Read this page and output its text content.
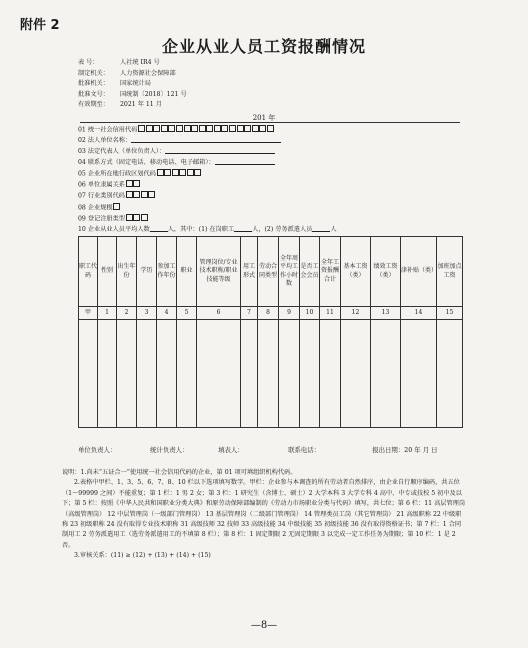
附件 2
企业从业人员工资报酬情况
表 号：	人社统 IR4 号
制定机关： 人力资源社会保障部
批准机关： 国家统计局
批准文号： 国统制〔2018〕121 号
有效期至： 2021 年 11 月
201 年
01 统一社会信用代码
02 法人单位名称：
03 法定代表人（单位负责人）：
04 联系方式（固定电话、移动电话、电子邮箱）：
05 企业所在地行政区划代码
06 单位隶属关系
07 行业类别代码
08 企业规模
09 登记注册类型
10 企业从业人员平均人数	人，其中：(1) 在岗职工	人，(2) 劳务派遣人员	人
职工代码	性别	出生年份	学历	参加工作年份	职业	管理岗位/专业技术职称/职业技能等级	用工形式	劳动合同类型	全年周平均工作小时数	是否工会会员	全年工资报酬合计	基本工资（类）	绩效工资（类）	津补贴（类）	加班加点工资
甲	1	2	3	4	5	6	7	8	9	10	11	12	13	14	15

单位负责人：	统计负责人：	填表人：	联系电话：	报出日期：20 年 月 日

说明：1.尚未“五证合一”使用统一社会信用代码的企业，第 01 项可填组织机构代码。

2.表格中甲栏、1、3、5、6、7、8、10 栏以下选项填写数字。甲栏：企业参与本调查的所有劳动者自然排序，由企业自行顺序编码，共五位（1～99999 之间）不能重复；第 1 栏：1 男 2 女；第 3 栏：1 研究生（含博士、硕士）2 大学本科 3 大学专科 4 高中、中专或技校 5 初中及以下；第 5 栏：按照《中华人民共和国职业分类大典》和原劳动保障部编制的《劳动力市场职业分类与代码》填写，共七位；第 6 栏：11 高层管理岗（高级管理岗） 12 中层管理岗（一级部门管理岗） 13 基层管理岗（二级部门管理岗） 14 管理类员工岗（其它管理岗） 21 高级职称 22 中级职称 23 初级职称 24 没有取得专业技术职称 31 高级技师 32 技师 33 高级技能 34 中级技能 35 初级技能 36 没有取得资格证书；第 7 栏：1 合同制用工 2 劳务派遣用工（选劳务派遣用工的不填第 8 栏）；第 8 栏：1 固定期限 2 无固定期限 3 以完成一定工作任务为期限；第 10 栏：1 是 2 否。

3.审核关系：(11) ≥ (12) + (13) + (14) + (15)

—8—
